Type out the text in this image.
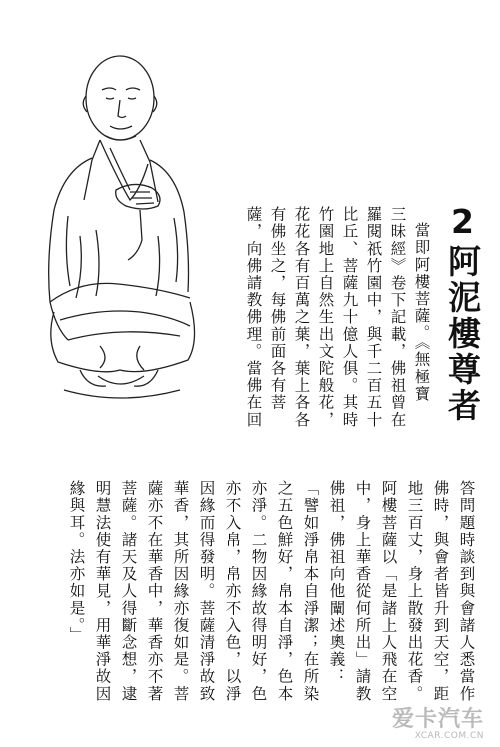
2阿泥樓尊者
當即阿樓菩薩。《無極寶
三昧經》卷下記載，佛祖曾在
羅閱祇竹園中，與千二百五十
比丘、菩薩九十億人俱。其時
竹園地上自然生出文陀般花，
花花各有百萬之葉，葉上各各
有佛坐之，每佛前面各有菩
薩，向佛請教佛理。當佛在回
答問題時談到與會諸人悉當作
佛時，與會者皆升到天空，距
地三百丈，身上散發出花香。
阿樓菩薩以「是諸上人飛在空
中，身上華香從何所出」請教
佛祖，佛祖向他闡述奧義：
「譬如淨帛本自淨潔；在所染
之五色鮮好，帛本自淨，色本
亦淨。二物因緣故得明好，色
亦不入帛，帛亦不入色，以淨
因緣而得發明。菩薩清淨故致
華香，其所因緣亦復如是。菩
薩亦不在華香中，華香亦不著
菩薩。諸天及人得斷念想，逮
明慧法使有華見，用華淨故因
緣與耳。法亦如是。」
爱卡汽车
XCAR.COM.CN
